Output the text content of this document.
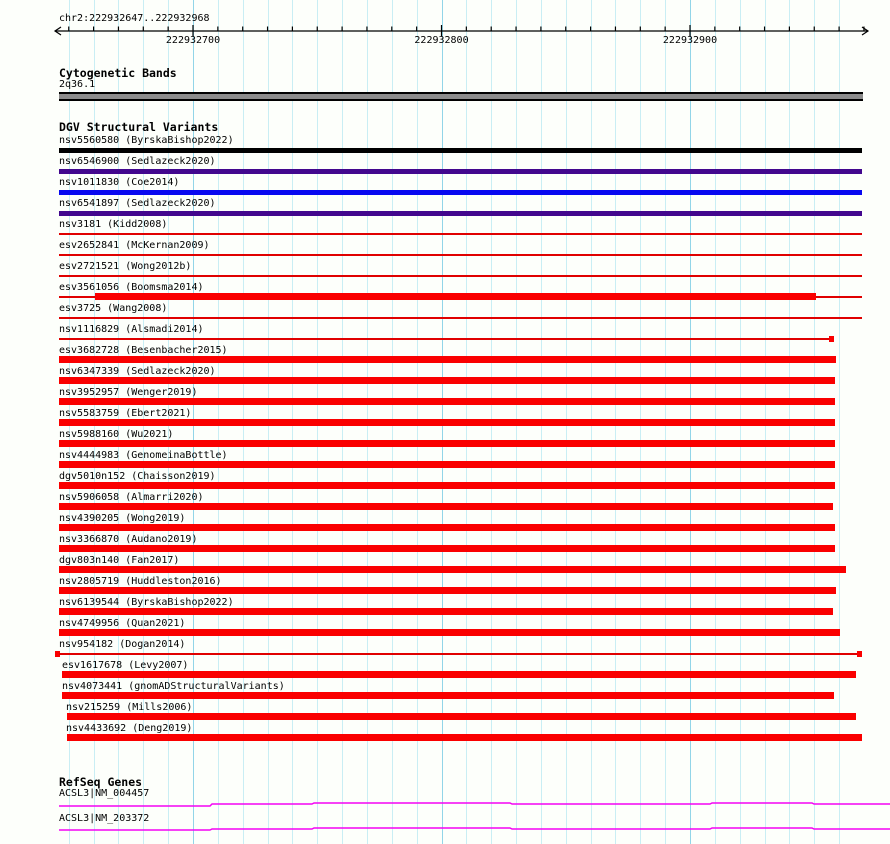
chr2:222932647..222932968
222932700	222932800	222932900
Cytogenetic Bands
2q36.1
DGV Structural Variants
nsv5560580 (ByrskaBishop2022)
nsv6546900 (Sedlazeck2020)
nsv1011830 (Coe2014)
nsv6541897 (Sedlazeck2020)
nsv3181 (Kidd2008)
esv2652841 (McKernan2009)
esv2721521 (Wong2012b)
esv3561056 (Boomsma2014)
esv3725 (Wang2008)
nsv1116829 (Alsmadi2014)
esv3682728 (Besenbacher2015)
nsv6347339 (Sedlazeck2020)
nsv3952957 (Wenger2019)
nsv5583759 (Ebert2021)
nsv5988160 (Wu2021)
nsv4444983 (GenomeinaBottle)
dgv5010n152 (Chaisson2019)
nsv5906058 (Almarri2020)
nsv4390205 (Wong2019)
nsv3366870 (Audano2019)
dgv803n140 (Fan2017)
nsv2805719 (Huddleston2016)
nsv6139544 (ByrskaBishop2022)
nsv4749956 (Quan2021)
nsv954182 (Dogan2014)
esv1617678 (Levy2007)
nsv4073441 (gnomADStructuralVariants)
nsv215259 (Mills2006)
nsv4433692 (Deng2019)
RefSeq Genes
ACSL3|NM_004457
ACSL3|NM_203372
